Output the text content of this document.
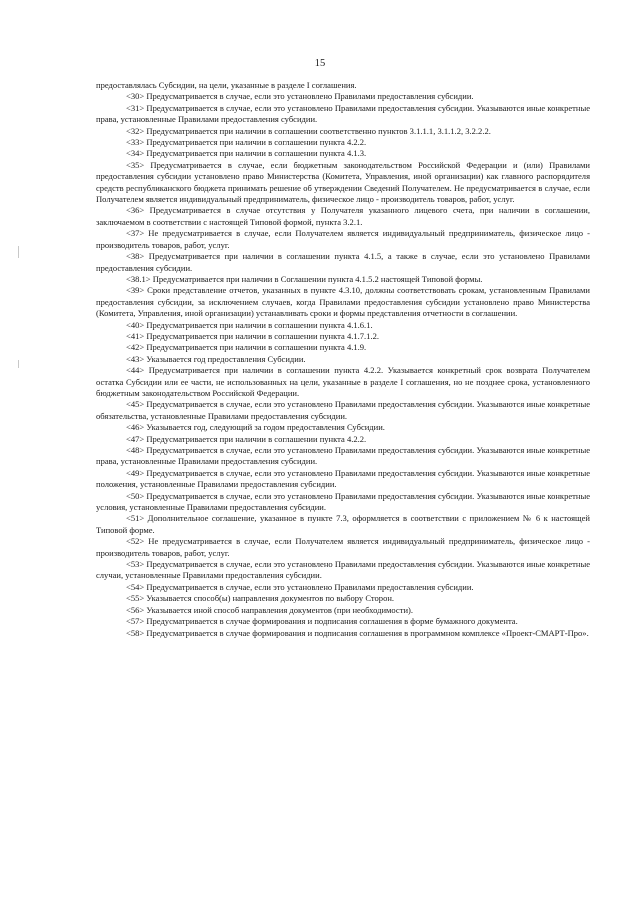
15

предоставлялась Субсидии, на цели, указанные в разделе I соглашения.

<30> Предусматривается в случае, если это установлено Правилами предоставления субсидии.

<31> Предусматривается в случае, если это установлено Правилами предоставления субсидии. Указываются иные конкретные права, установленные Правилами предоставления субсидии.

<32> Предусматривается при наличии в соглашении соответственно пунктов 3.1.1.1, 3.1.1.2, 3.2.2.2.

<33> Предусматривается при наличии в соглашении пункта 4.2.2.

<34> Предусматривается при наличии в соглашении пункта 4.1.3.

<35> Предусматривается в случае, если бюджетным законодательством Российской Федерации и (или) Правилами предоставления субсидии установлено право Министерства (Комитета, Управления, иной организации) как главного распорядителя средств республиканского бюджета принимать решение об утверждении Сведений Получателем. Не предусматривается в случае, если Получателем является индивидуальный предприниматель, физическое лицо - производитель товаров, работ, услуг.

<36> Предусматривается в случае отсутствия у Получателя указанного лицевого счета, при наличии в соглашении, заключаемом в соответствии с настоящей Типовой формой, пункта 3.2.1.

<37> Не предусматривается в случае, если Получателем является индивидуальный предприниматель, физическое лицо - производитель товаров, работ, услуг.

<38> Предусматривается при наличии в соглашении пункта 4.1.5, а также в случае, если это установлено Правилами предоставления субсидии.

<38.1> Предусматривается при наличии в Соглашении пункта 4.1.5.2 настоящей Типовой формы.

<39> Сроки представление отчетов, указанных в пункте 4.3.10, должны соответствовать срокам, установленным Правилами предоставления субсидии, за исключением случаев, когда Правилами предоставления субсидии установлено право Министерства (Комитета, Управления, иной организации) устанавливать сроки и формы представления отчетности в соглашении.

<40> Предусматривается при наличии в соглашении пункта 4.1.6.1.

<41> Предусматривается при наличии в соглашении пункта 4.1.7.1.2.

<42> Предусматривается при наличии в соглашении пункта 4.1.9.

<43> Указывается год предоставления Субсидии.

<44> Предусматривается при наличии в соглашении пункта 4.2.2. Указывается конкретный срок возврата Получателем остатка Субсидии или ее части, не использованных на цели, указанные в разделе I соглашения, но не позднее срока, установленного бюджетным законодательством Российской Федерации.

<45> Предусматривается в случае, если это установлено Правилами предоставления субсидии. Указываются иные конкретные обязательства, установленные Правилами предоставления субсидии.

<46> Указывается год, следующий за годом предоставления Субсидии.

<47> Предусматривается при наличии в соглашении пункта 4.2.2.

<48> Предусматривается в случае, если это установлено Правилами предоставления субсидии. Указываются иные конкретные права, установленные Правилами предоставления субсидии.

<49> Предусматривается в случае, если это установлено Правилами предоставления субсидии. Указываются иные конкретные положения, установленные Правилами предоставления субсидии.

<50> Предусматривается в случае, если это установлено Правилами предоставления субсидии. Указываются иные конкретные условия, установленные Правилами предоставления субсидии.

<51> Дополнительное соглашение, указанное в пункте 7.3, оформляется в соответствии с приложением № 6 к настоящей Типовой форме.

<52> Не предусматривается в случае, если Получателем является индивидуальный предприниматель, физическое лицо - производитель товаров, работ, услуг.

<53> Предусматривается в случае, если это установлено Правилами предоставления субсидии. Указываются иные конкретные случаи, установленные Правилами предоставления субсидии.

<54> Предусматривается в случае, если это установлено Правилами предоставления субсидии.

<55> Указывается способ(ы) направления документов по выбору Сторон.

<56> Указывается иной способ направления документов (при необходимости).

<57> Предусматривается в случае формирования и подписания соглашения в форме бумажного документа.

<58> Предусматривается в случае формирования и подписания соглашения в программном комплексе «Проект-СМАРТ-Про».
